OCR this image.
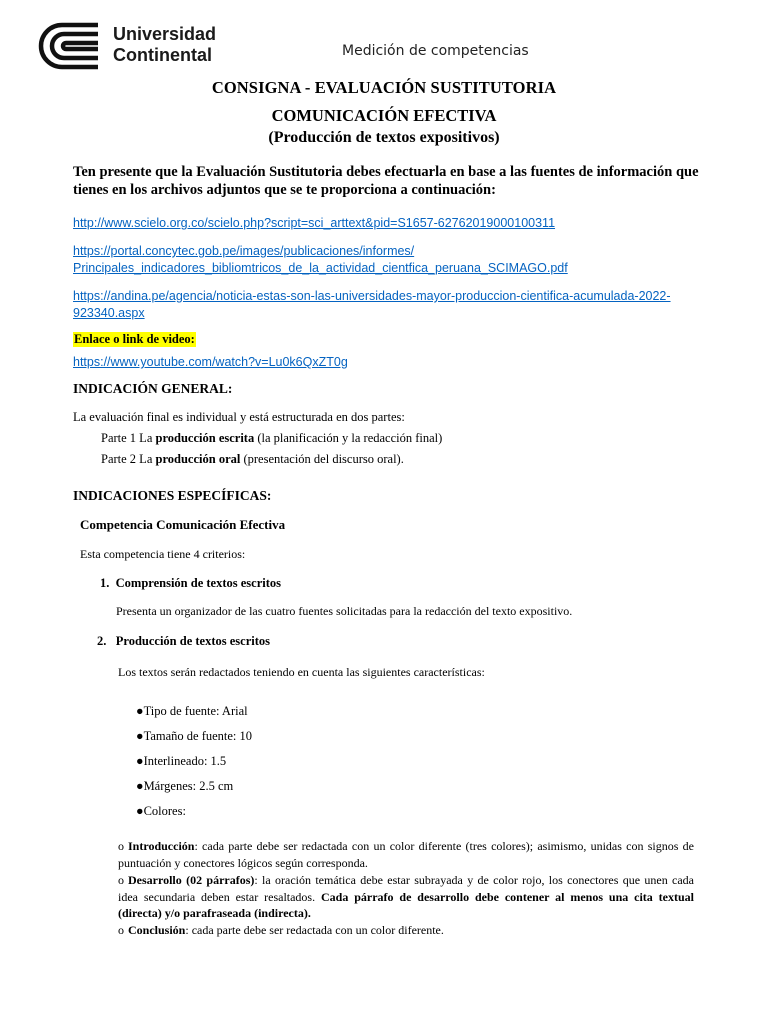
Universidad
Continental	Medición de competencias
CONSIGNA - EVALUACIÓN SUSTITUTORIA
COMUNICACIÓN EFECTIVA
(Producción de textos expositivos)
Ten presente que la Evaluación Sustitutoria debes efectuarla en base a las fuentes de información que tienes en los archivos adjuntos que se te proporciona a continuación:
http://www.scielo.org.co/scielo.php?script=sci_arttext&pid=S1657-62762019000100311
https://portal.concytec.gob.pe/images/publicaciones/informes/ Principales_indicadores_bibliomtricos_de_la_actividad_cientfica_peruana_SCIMAGO.pdf
https://andina.pe/agencia/noticia-estas-son-las-universidades-mayor-produccion-cientifica-acumulada-2022-923340.aspx
Enlace o link de video:
https://www.youtube.com/watch?v=Lu0k6QxZT0g
INDICACIÓN GENERAL:
La evaluación final es individual y está estructurada en dos partes:
Parte 1 La producción escrita (la planificación y la redacción final)
Parte 2 La producción oral (presentación del discurso oral).
INDICACIONES ESPECÍFICAS:
Competencia Comunicación Efectiva
Esta competencia tiene 4 criterios:
1. Comprensión de textos escritos
Presenta un organizador de las cuatro fuentes solicitadas para la redacción del texto expositivo.
2. Producción de textos escritos
Los textos serán redactados teniendo en cuenta las siguientes características:
●Tipo de fuente: Arial
●Tamaño de fuente: 10
●Interlineado: 1.5
●Márgenes: 2.5 cm
●Colores:
o Introducción: cada parte debe ser redactada con un color diferente (tres colores); asimismo, unidas con signos de puntuación y conectores lógicos según corresponda.
o Desarrollo (02 párrafos): la oración temática debe estar subrayada y de color rojo, los conectores que unen cada idea secundaria deben estar resaltados. Cada párrafo de desarrollo debe contener al menos una cita textual (directa) y/o parafraseada (indirecta).
o Conclusión: cada parte debe ser redactada con un color diferente.
